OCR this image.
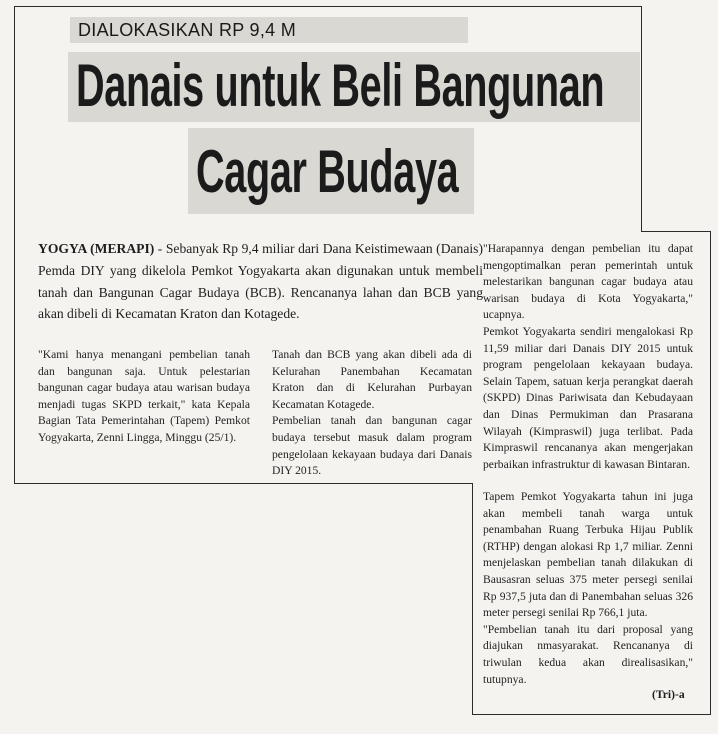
DIALOKASIKAN RP 9,4 M
Danais untuk Beli Bangunan
Cagar Budaya
YOGYA (MERAPI) - Sebanyak Rp 9,4 miliar dari Dana Keistimewaan (Danais) Pemda DIY yang dikelola Pemkot Yogyakarta akan digunakan untuk membeli tanah dan Bangunan Cagar Budaya (BCB). Rencananya lahan dan BCB yang akan dibeli di Kecamatan Kraton dan Kotagede.

"Kami hanya menangani pembelian tanah dan bangunan saja. Untuk pelestarian bangunan cagar budaya atau warisan budaya menjadi tugas SKPD terkait," kata Kepala Bagian Tata Pemerintahan (Tapem) Pemkot Yogyakarta, Zenni Lingga, Minggu (25/1).

Tanah dan BCB yang akan dibeli ada di Kelurahan Panembahan Kecamatan Kraton dan di Kelurahan Purbayan Kecamatan Kotagede.

Pembelian tanah dan bangunan cagar budaya tersebut masuk dalam program pengelolaan kekayaan budaya dari Danais DIY 2015.

"Harapannya dengan pembelian itu dapat mengoptimalkan peran pemerintah untuk melestarikan bangunan cagar budaya atau warisan budaya di Kota Yogyakarta," ucapnya.

Pemkot Yogyakarta sendiri mengalokasi Rp 11,59 miliar dari Danais DIY 2015 untuk program pengelolaan kekayaan budaya. Selain Tapem, satuan kerja perangkat daerah (SKPD) Dinas Pariwisata dan Kebudayaan dan Dinas Permukiman dan Prasarana Wilayah (Kimpraswil) juga terlibat. Pada Kimpraswil rencananya akan mengerjakan perbaikan infrastruktur di kawasan Bintaran.

Tapem Pemkot Yogyakarta tahun ini juga akan membeli tanah warga untuk penambahan Ruang Terbuka Hijau Publik (RTHP) dengan alokasi Rp 1,7 miliar. Zenni menjelaskan pembelian tanah dilakukan di Bausasran seluas 375 meter persegi senilai Rp 937,5 juta dan di Panembahan seluas 326 meter persegi senilai Rp 766,1 juta.

"Pembelian tanah itu dari proposal yang diajukan nmasyarakat. Rencananya di triwulan kedua akan direalisasikan," tutupnya.

(Tri)-a
